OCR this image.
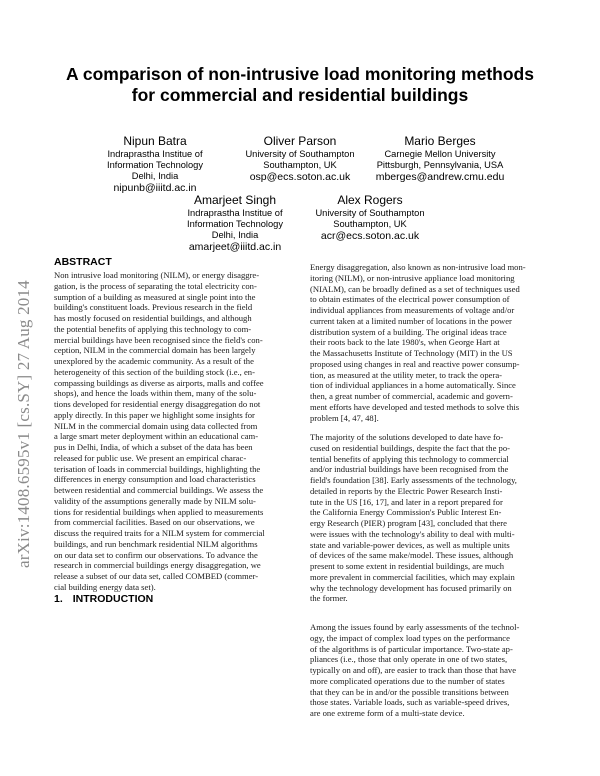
A comparison of non-intrusive load monitoring methods
for commercial and residential buildings
Nipun Batra
Indraprastha Institue of
Information Technology
Delhi, India
nipunb@iiitd.ac.in
Oliver Parson
University of Southampton
Southampton, UK
osp@ecs.soton.ac.uk
Mario Berges
Carnegie Mellon University
Pittsburgh, Pennsylvania, USA
mberges@andrew.cmu.edu
Amarjeet Singh
Indraprastha Institue of
Information Technology
Delhi, India
amarjeet@iiitd.ac.in
Alex Rogers
University of Southampton
Southampton, UK
acr@ecs.soton.ac.uk
arXiv:1408.6595v1 [cs.SY] 27 Aug 2014
ABSTRACT
Non intrusive load monitoring (NILM), or energy disaggre-
gation, is the process of separating the total electricity con-
sumption of a building as measured at single point into the
building's constituent loads. Previous research in the field
has mostly focused on residential buildings, and although
the potential benefits of applying this technology to com-
mercial buildings have been recognised since the field's con-
ception, NILM in the commercial domain has been largely
unexplored by the academic community. As a result of the
heterogeneity of this section of the building stock (i.e., en-
compassing buildings as diverse as airports, malls and coffee
shops), and hence the loads within them, many of the solu-
tions developed for residential energy disaggregation do not
apply directly. In this paper we highlight some insights for
NILM in the commercial domain using data collected from
a large smart meter deployment within an educational cam-
pus in Delhi, India, of which a subset of the data has been
released for public use. We present an empirical charac-
terisation of loads in commercial buildings, highlighting the
differences in energy consumption and load characteristics
between residential and commercial buildings. We assess the
validity of the assumptions generally made by NILM solu-
tions for residential buildings when applied to measurements
from commercial facilities. Based on our observations, we
discuss the required traits for a NILM system for commercial
buildings, and run benchmark residential NILM algorithms
on our data set to confirm our observations. To advance the
research in commercial buildings energy disaggregation, we
release a subset of our data set, called COMBED (commer-
cial building energy data set).
1. INTRODUCTION
Energy disaggregation, also known as non-intrusive load mon-
itoring (NILM), or non-intrusive appliance load monitoring
(NIALM), can be broadly defined as a set of techniques used
to obtain estimates of the electrical power consumption of
individual appliances from measurements of voltage and/or
current taken at a limited number of locations in the power
distribution system of a building. The original ideas trace
their roots back to the late 1980's, when George Hart at
the Massachusetts Institute of Technology (MIT) in the US
proposed using changes in real and reactive power consump-
tion, as measured at the utility meter, to track the opera-
tion of individual appliances in a home automatically. Since
then, a great number of commercial, academic and govern-
ment efforts have developed and tested methods to solve this
problem [4, 47, 48].
The majority of the solutions developed to date have fo-
cused on residential buildings, despite the fact that the po-
tential benefits of applying this technology to commercial
and/or industrial buildings have been recognised from the
field's foundation [38]. Early assessments of the technology,
detailed in reports by the Electric Power Research Insti-
tute in the US [16, 17], and later in a report prepared for
the California Energy Commission's Public Interest En-
ergy Research (PIER) program [43], concluded that there
were issues with the technology's ability to deal with multi-
state and variable-power devices, as well as multiple units
of devices of the same make/model. These issues, although
present to some extent in residential buildings, are much
more prevalent in commercial facilities, which may explain
why the technology development has focused primarily on
the former.
Among the issues found by early assessments of the technol-
ogy, the impact of complex load types on the performance
of the algorithms is of particular importance. Two-state ap-
pliances (i.e., those that only operate in one of two states,
typically on and off), are easier to track than those that have
more complicated operations due to the number of states
that they can be in and/or the possible transitions between
those states. Variable loads, such as variable-speed drives,
are one extreme form of a multi-state device.
